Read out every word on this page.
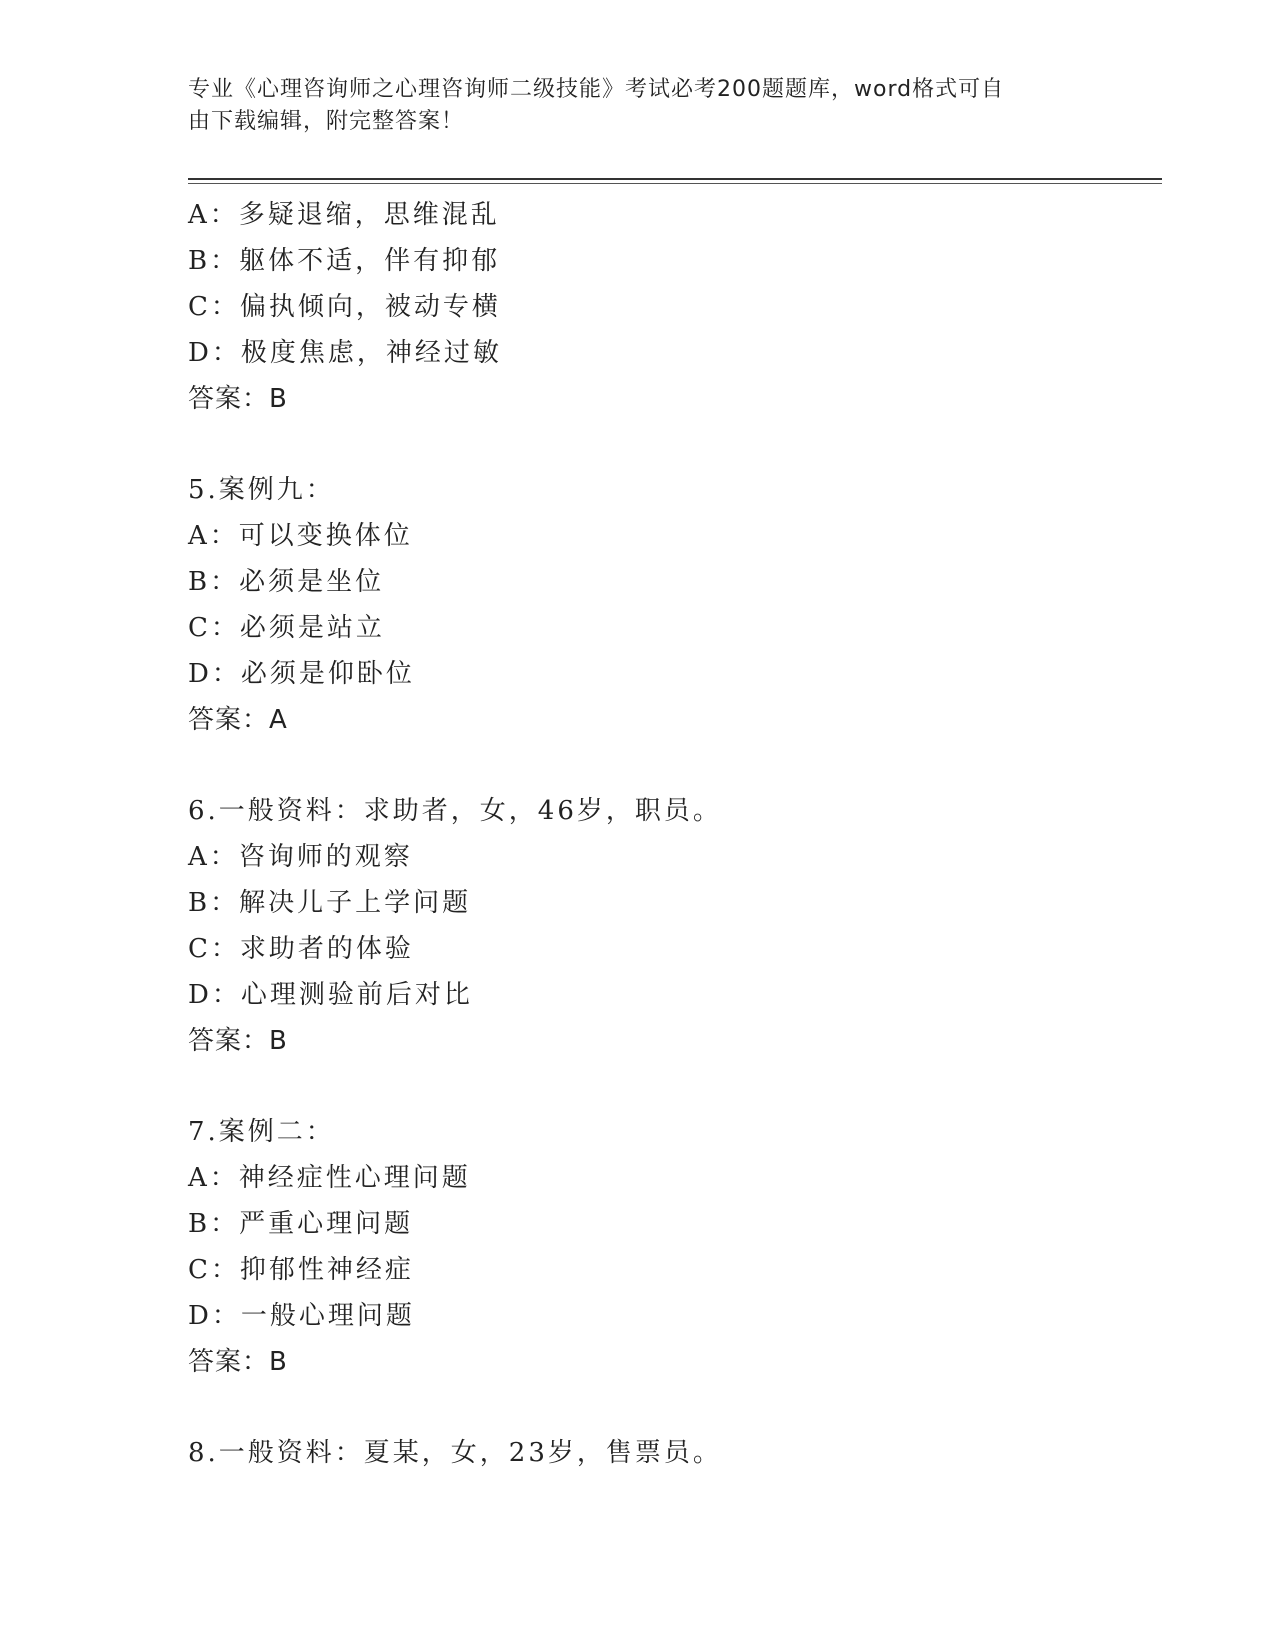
专业《心理咨询师之心理咨询师二级技能》考试必考200题题库，word格式可自
由下载编辑，附完整答案！
A：多疑退缩，思维混乱
B：躯体不适，伴有抑郁
C：偏执倾向，被动专横
D：极度焦虑，神经过敏
答案：B
5.案例九：
A：可以变换体位
B：必须是坐位
C：必须是站立
D：必须是仰卧位
答案：A
6.一般资料：求助者，女，46岁，职员。
A：咨询师的观察
B：解决儿子上学问题
C：求助者的体验
D：心理测验前后对比
答案：B
7.案例二：
A：神经症性心理问题
B：严重心理问题
C：抑郁性神经症
D：一般心理问题
答案：B
8.一般资料：夏某，女，23岁，售票员。
